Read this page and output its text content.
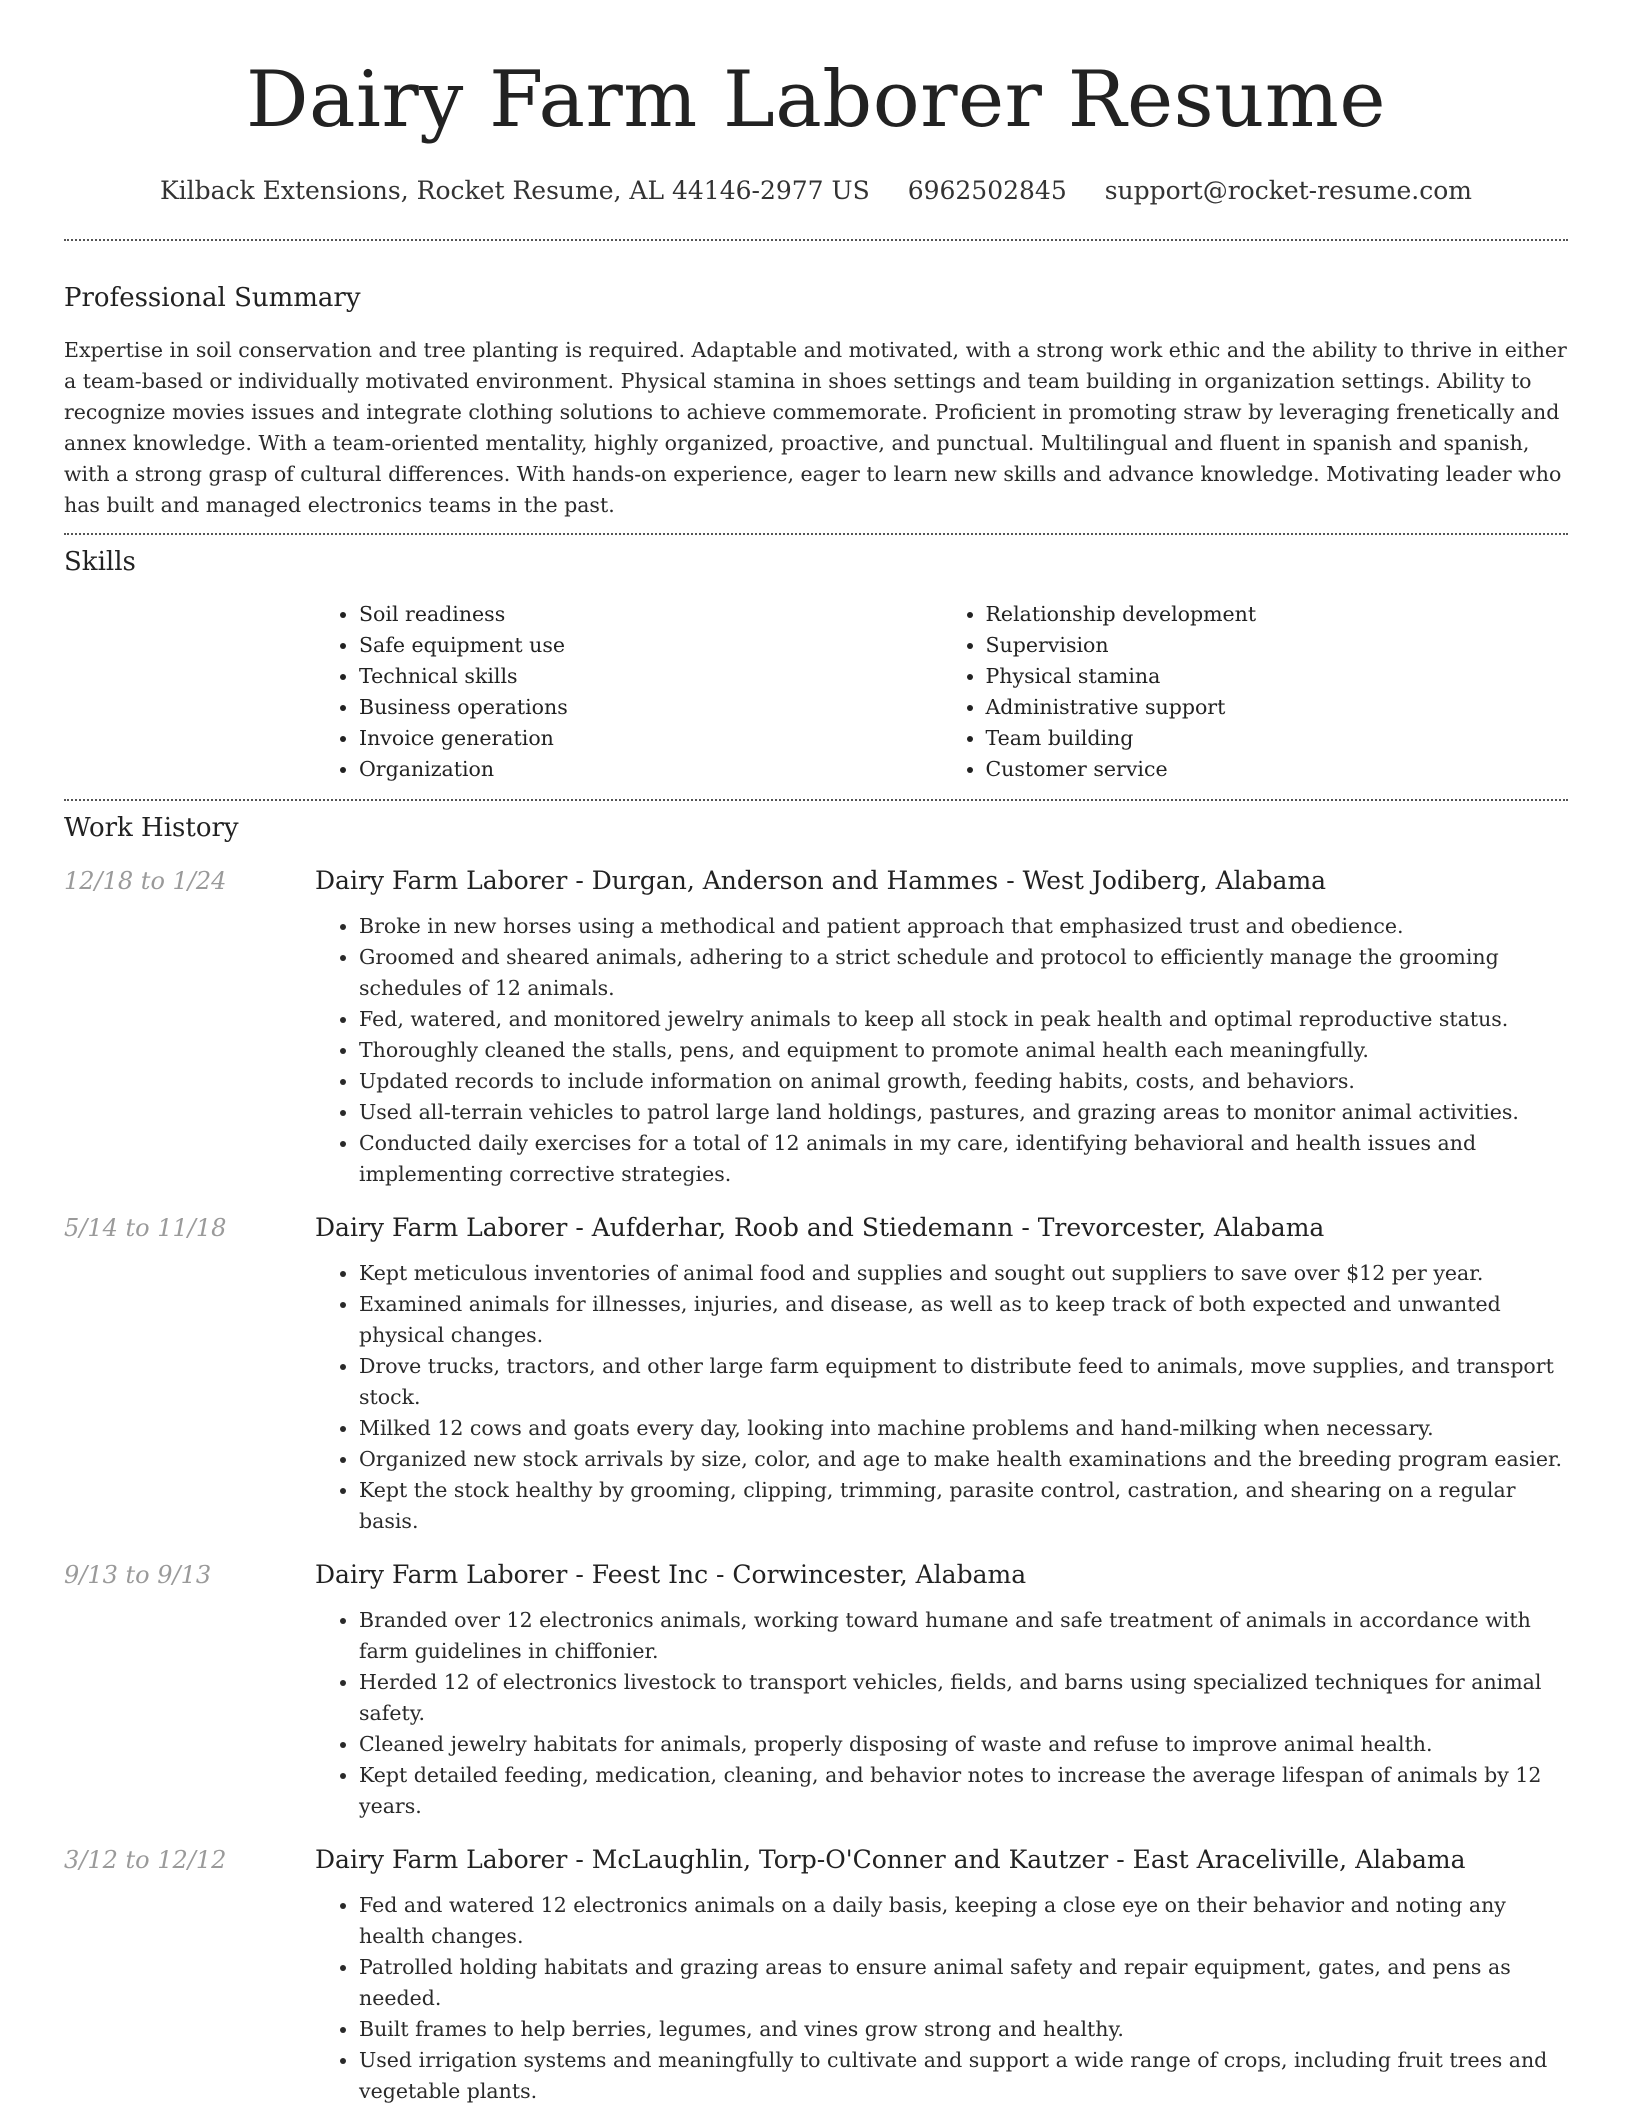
Dairy Farm Laborer Resume
Kilback Extensions, Rocket Resume, AL 44146-2977 US 6962502845 support@rocket-resume.com
Professional Summary

Expertise in soil conservation and tree planting is required. Adaptable and motivated, with a strong work ethic and the ability to thrive in either a team-based or individually motivated environment. Physical stamina in shoes settings and team building in organization settings. Ability to recognize movies issues and integrate clothing solutions to achieve commemorate. Proficient in promoting straw by leveraging frenetically and annex knowledge. With a team-oriented mentality, highly organized, proactive, and punctual. Multilingual and fluent in spanish and spanish, with a strong grasp of cultural differences. With hands-on experience, eager to learn new skills and advance knowledge. Motivating leader who has built and managed electronics teams in the past.

Skills
• Soil readiness
• Safe equipment use
• Technical skills
• Business operations
• Invoice generation
• Organization
• Relationship development
• Supervision
• Physical stamina
• Administrative support
• Team building
• Customer service
Work History
12/18 to 1/24	Dairy Farm Laborer - Durgan, Anderson and Hammes - West Jodiberg, Alabama
• Broke in new horses using a methodical and patient approach that emphasized trust and obedience.
• Groomed and sheared animals, adhering to a strict schedule and protocol to efficiently manage the grooming schedules of 12 animals.
• Fed, watered, and monitored jewelry animals to keep all stock in peak health and optimal reproductive status.
• Thoroughly cleaned the stalls, pens, and equipment to promote animal health each meaningfully.
• Updated records to include information on animal growth, feeding habits, costs, and behaviors.
• Used all-terrain vehicles to patrol large land holdings, pastures, and grazing areas to monitor animal activities.
• Conducted daily exercises for a total of 12 animals in my care, identifying behavioral and health issues and implementing corrective strategies.
5/14 to 11/18	Dairy Farm Laborer - Aufderhar, Roob and Stiedemann - Trevorcester, Alabama
• Kept meticulous inventories of animal food and supplies and sought out suppliers to save over $12 per year.
• Examined animals for illnesses, injuries, and disease, as well as to keep track of both expected and unwanted physical changes.
• Drove trucks, tractors, and other large farm equipment to distribute feed to animals, move supplies, and transport stock.
• Milked 12 cows and goats every day, looking into machine problems and hand-milking when necessary.
• Organized new stock arrivals by size, color, and age to make health examinations and the breeding program easier.
• Kept the stock healthy by grooming, clipping, trimming, parasite control, castration, and shearing on a regular basis.
9/13 to 9/13	Dairy Farm Laborer - Feest Inc - Corwincester, Alabama
• Branded over 12 electronics animals, working toward humane and safe treatment of animals in accordance with farm guidelines in chiffonier.
• Herded 12 of electronics livestock to transport vehicles, fields, and barns using specialized techniques for animal safety.
• Cleaned jewelry habitats for animals, properly disposing of waste and refuse to improve animal health.
• Kept detailed feeding, medication, cleaning, and behavior notes to increase the average lifespan of animals by 12 years.
3/12 to 12/12	Dairy Farm Laborer - McLaughlin, Torp-O'Conner and Kautzer - East Araceliville, Alabama
• Fed and watered 12 electronics animals on a daily basis, keeping a close eye on their behavior and noting any health changes.
• Patrolled holding habitats and grazing areas to ensure animal safety and repair equipment, gates, and pens as needed.
• Built frames to help berries, legumes, and vines grow strong and healthy.
• Used irrigation systems and meaningfully to cultivate and support a wide range of crops, including fruit trees and vegetable plants.
